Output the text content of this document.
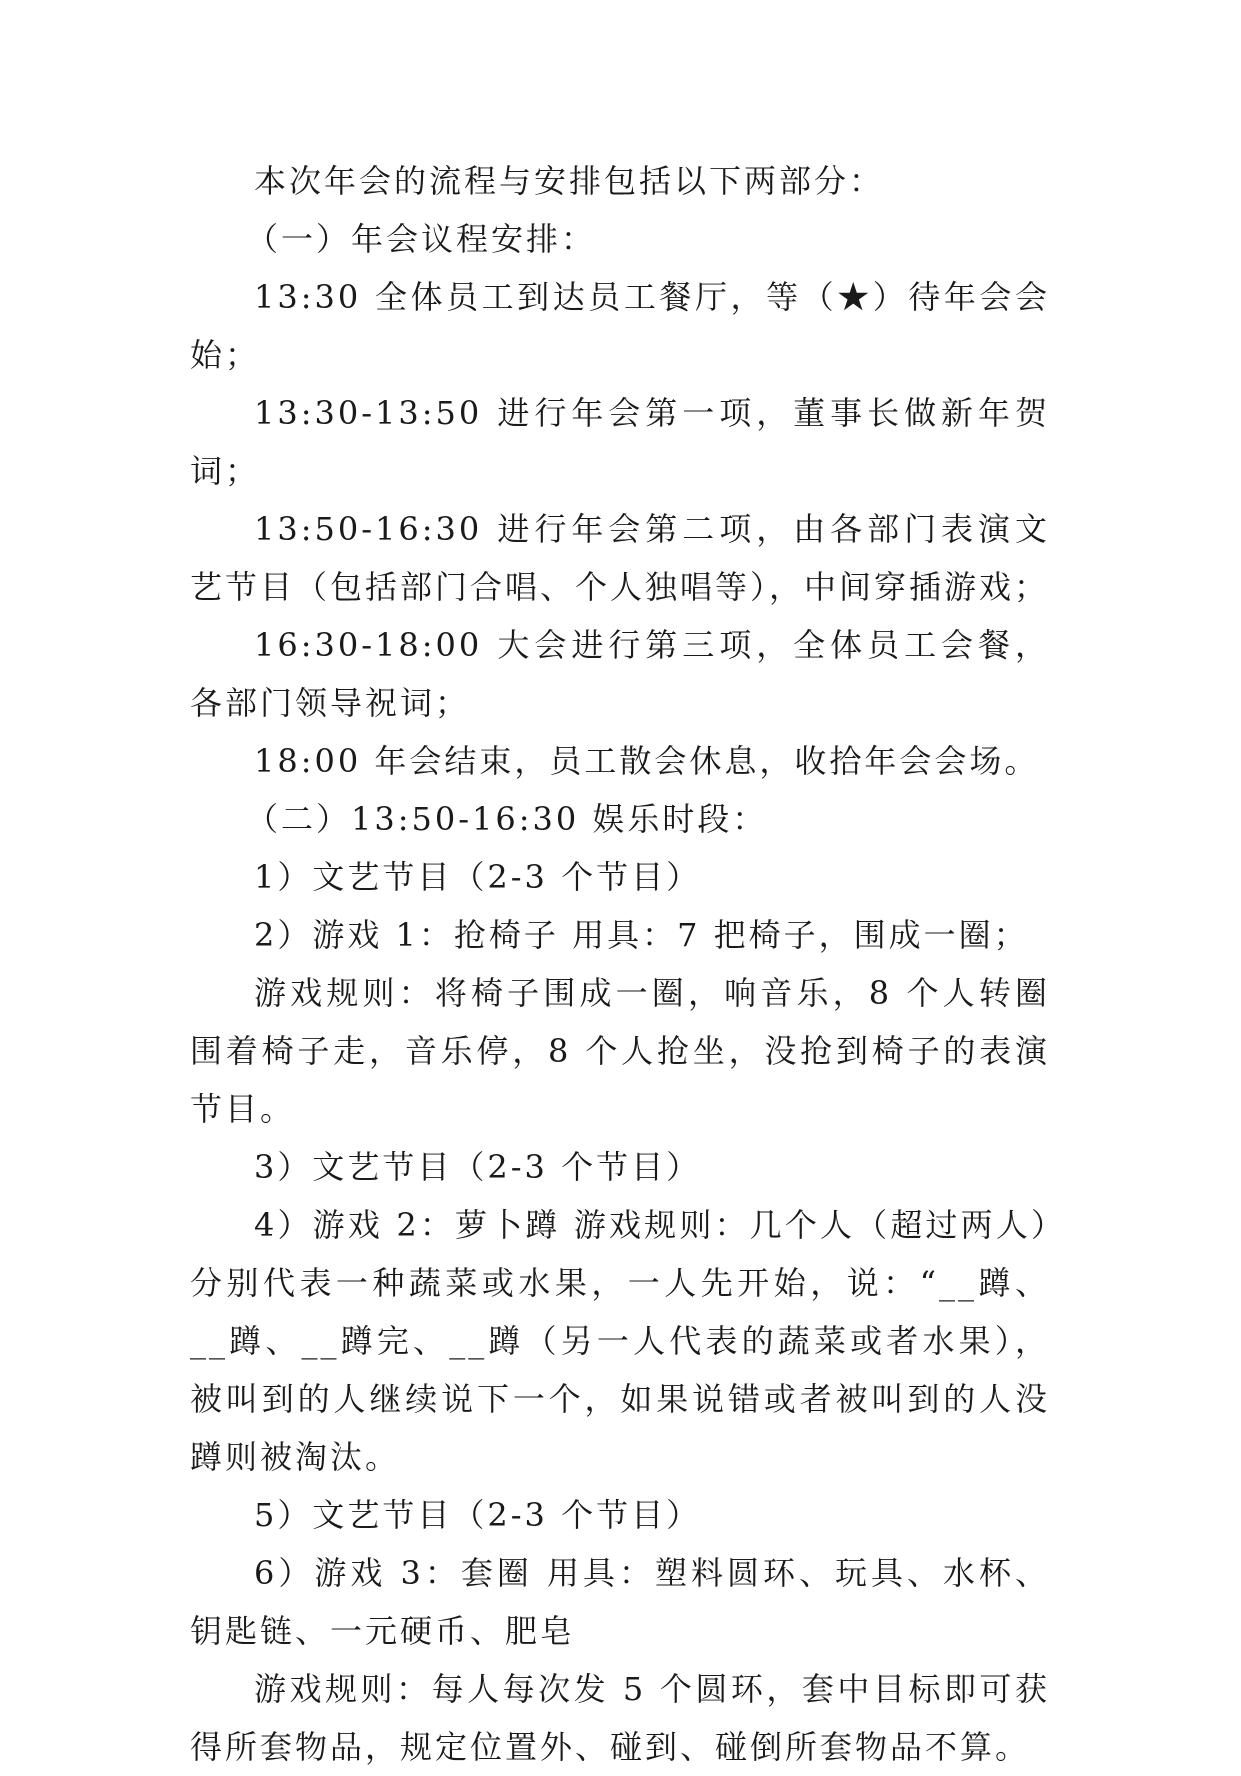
本次年会的流程与安排包括以下两部分：

（一）年会议程安排：

13:30 全体员工到达员工餐厅，等（★）待年会会始；

13:30-13:50 进行年会第一项，董事长做新年贺词；

13:50-16:30 进行年会第二项，由各部门表演文艺节目（包括部门合唱、个人独唱等），中间穿插游戏；

16:30-18:00 大会进行第三项，全体员工会餐，各部门领导祝词；

18:00 年会结束，员工散会休息，收拾年会会场。

（二）13:50-16:30 娱乐时段：

1）文艺节目（2-3 个节目）

2）游戏 1：抢椅子 用具：7 把椅子，围成一圈；

游戏规则：将椅子围成一圈，响音乐，8 个人转圈围着椅子走，音乐停，8 个人抢坐，没抢到椅子的表演节目。

3）文艺节目（2-3 个节目）

4）游戏 2：萝卜蹲 游戏规则：几个人（超过两人）分别代表一种蔬菜或水果，一人先开始，说：“__蹲、__蹲、__蹲完、__蹲（另一人代表的蔬菜或者水果），被叫到的人继续说下一个，如果说错或者被叫到的人没蹲则被淘汰。

5）文艺节目（2-3 个节目）

6）游戏 3：套圈 用具：塑料圆环、玩具、水杯、钥匙链、一元硬币、肥皂

游戏规则：每人每次发 5 个圆环，套中目标即可获得所套物品，规定位置外、碰到、碰倒所套物品不算。
